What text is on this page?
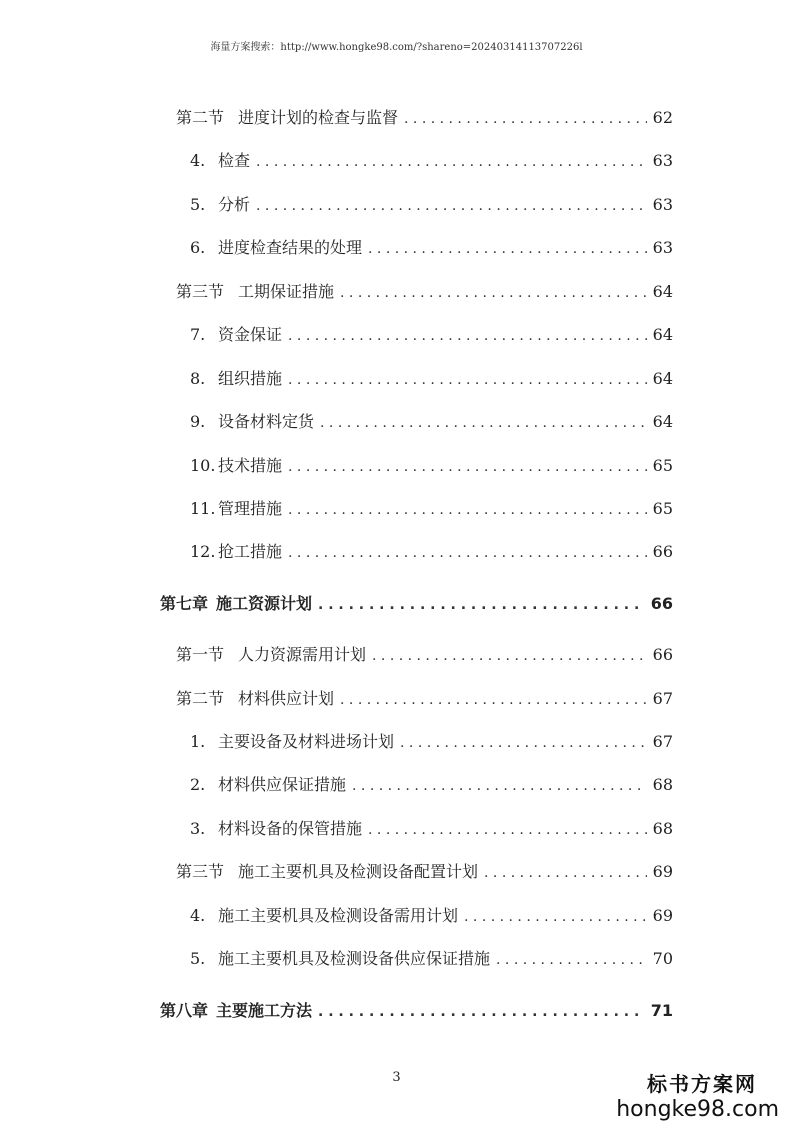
海量方案搜索：http://www.hongke98.com/?shareno=20240314113707226l
第二节 进度计划的检查与监督 . . .	62
4. 检查 . . .	63
5. 分析 . . .	63
6. 进度检查结果的处理 . . .	63
第三节 工期保证措施 . . .	64
7. 资金保证 . . .	64
8. 组织措施 . . .	64
9. 设备材料定货 . . .	64
10. 技术措施 . . .	65
11. 管理措施 . . .	65
12. 抢工措施 . . .	66
第七章 施工资源计划 . . .	66
第一节 人力资源需用计划 . . .	66
第二节 材料供应计划 . . .	67
1. 主要设备及材料进场计划 . . .	67
2. 材料供应保证措施 . . .	68
3. 材料设备的保管措施 . . .	68
第三节 施工主要机具及检测设备配置计划 . . .	69
4. 施工主要机具及检测设备需用计划 . . .	69
5. 施工主要机具及检测设备供应保证措施 . . .	70
第八章 主要施工方法 . . .	71
3	标书方案网
hongke98.com
